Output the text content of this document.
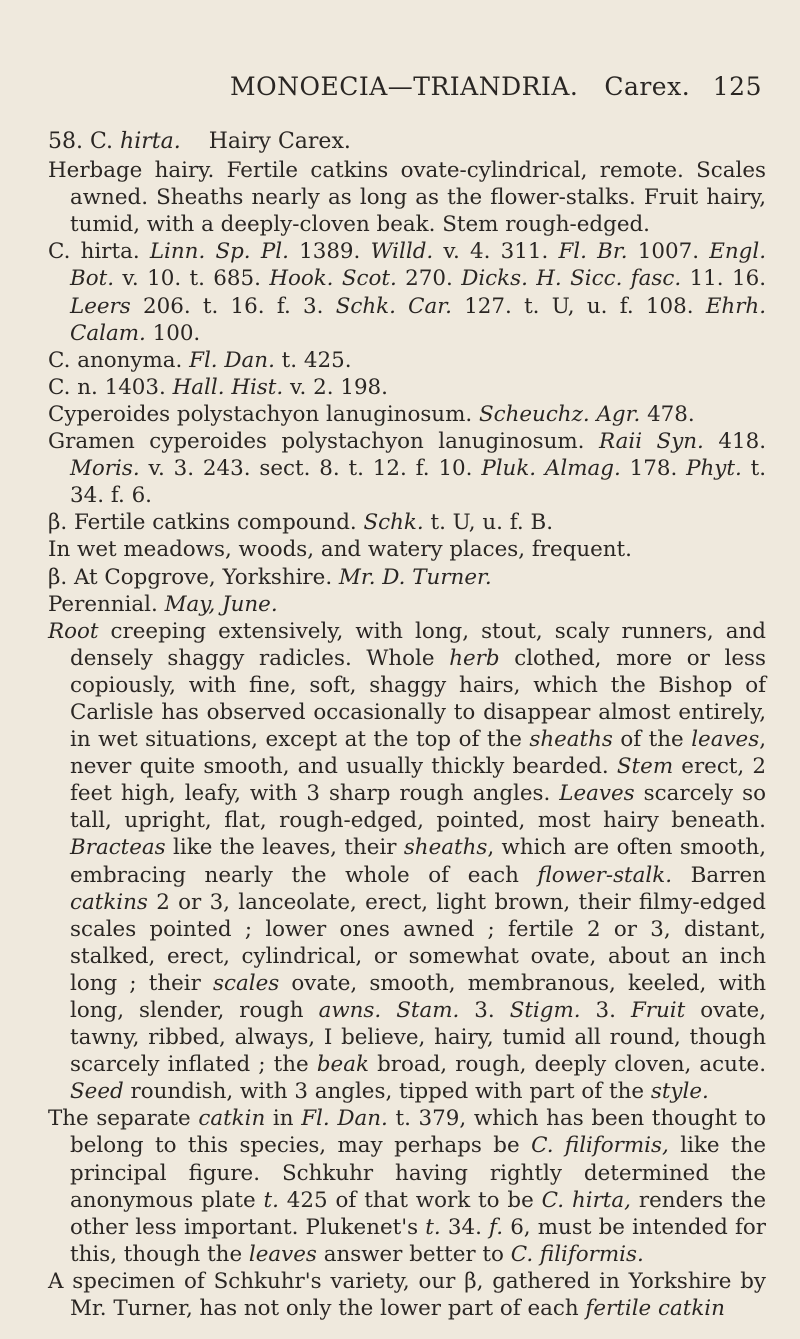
MONOECIA—TRIANDRIA. Carex. 125
58. C. hirta. Hairy Carex.

Herbage hairy. Fertile catkins ovate-cylindrical, remote. Scales awned. Sheaths nearly as long as the flower-stalks. Fruit hairy, tumid, with a deeply-cloven beak. Stem rough-edged.

C. hirta. Linn. Sp. Pl. 1389. Willd. v. 4. 311. Fl. Br. 1007. Engl. Bot. v. 10. t. 685. Hook. Scot. 270. Dicks. H. Sicc. fasc. 11. 16. Leers 206. t. 16. f. 3. Schk. Car. 127. t. U, u. f. 108. Ehrh. Calam. 100.

C. anonyma. Fl. Dan. t. 425.

C. n. 1403. Hall. Hist. v. 2. 198.

Cyperoides polystachyon lanuginosum. Scheuchz. Agr. 478.

Gramen cyperoides polystachyon lanuginosum. Raii Syn. 418. Moris. v. 3. 243. sect. 8. t. 12. f. 10. Pluk. Almag. 178. Phyt. t. 34. f. 6.

β. Fertile catkins compound. Schk. t. U, u. f. B.

In wet meadows, woods, and watery places, frequent.

β. At Copgrove, Yorkshire. Mr. D. Turner.

Perennial. May, June.

Root creeping extensively, with long, stout, scaly runners, and densely shaggy radicles. Whole herb clothed, more or less copiously, with fine, soft, shaggy hairs, which the Bishop of Carlisle has observed occasionally to disappear almost entirely, in wet situations, except at the top of the sheaths of the leaves, never quite smooth, and usually thickly bearded. Stem erect, 2 feet high, leafy, with 3 sharp rough angles. Leaves scarcely so tall, upright, flat, rough-edged, pointed, most hairy beneath. Bracteas like the leaves, their sheaths, which are often smooth, embracing nearly the whole of each flower-stalk. Barren catkins 2 or 3, lanceolate, erect, light brown, their filmy-edged scales pointed ; lower ones awned ; fertile 2 or 3, distant, stalked, erect, cylindrical, or somewhat ovate, about an inch long ; their scales ovate, smooth, membranous, keeled, with long, slender, rough awns. Stam. 3. Stigm. 3. Fruit ovate, tawny, ribbed, always, I believe, hairy, tumid all round, though scarcely inflated ; the beak broad, rough, deeply cloven, acute. Seed roundish, with 3 angles, tipped with part of the style.

The separate catkin in Fl. Dan. t. 379, which has been thought to belong to this species, may perhaps be C. filiformis, like the principal figure. Schkuhr having rightly determined the anonymous plate t. 425 of that work to be C. hirta, renders the other less important. Plukenet's t. 34. f. 6, must be intended for this, though the leaves answer better to C. filiformis.

A specimen of Schkuhr's variety, our β, gathered in Yorkshire by Mr. Turner, has not only the lower part of each fertile catkin
